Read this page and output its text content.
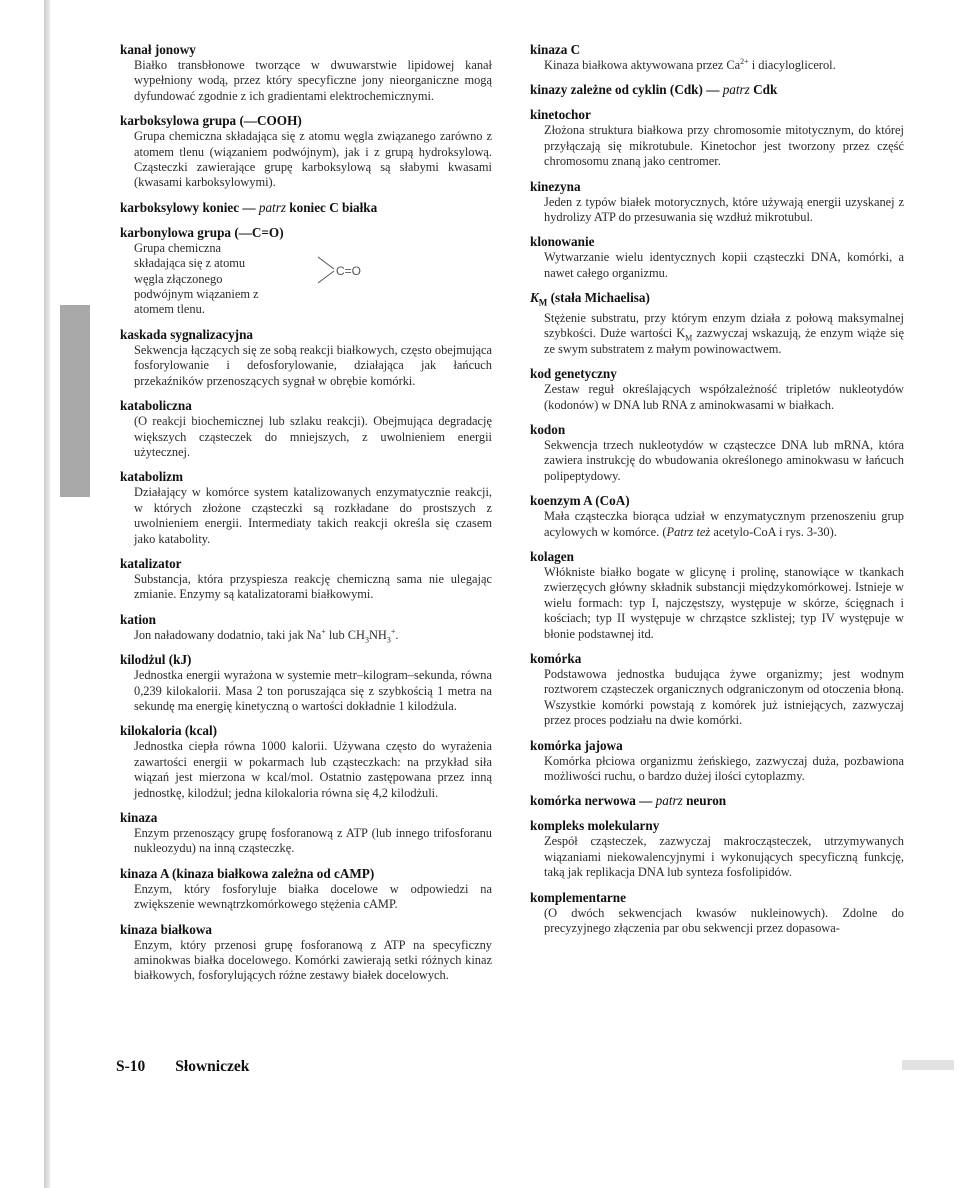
kanał jonowy
Białko transbłonowe tworzące w dwuwarstwie lipidowej kanał wypełniony wodą, przez który specyficzne jony nieorganiczne mogą dyfundować zgodnie z ich gradientami elektrochemicznymi.
karboksylowa grupa (—COOH)
Grupa chemiczna składająca się z atomu węgla związanego zarówno z atomem tlenu (wiązaniem podwójnym), jak i z grupą hydroksylową. Cząsteczki zawierające grupę karboksylową są słabymi kwasami (kwasami karboksylowymi).
karboksylowy koniec — patrz koniec C białka
karbonylowa grupa (—C=O)
Grupa chemiczna składająca się z atomu węgla złączonego podwójnym wiązaniem z atomem tlenu.
C=O
kaskada sygnalizacyjna
Sekwencja łączących się ze sobą reakcji białkowych, często obejmująca fosforylowanie i defosforylowanie, działająca jak łańcuch przekaźników przenoszących sygnał w obrębie komórki.
kataboliczna
(O reakcji biochemicznej lub szlaku reakcji). Obejmująca degradację większych cząsteczek do mniejszych, z uwolnieniem energii użytecznej.
katabolizm
Działający w komórce system katalizowanych enzymatycznie reakcji, w których złożone cząsteczki są rozkładane do prostszych z uwolnieniem energii. Intermediaty takich reakcji określa się czasem jako katabolity.
katalizator
Substancja, która przyspiesza reakcję chemiczną sama nie ulegając zmianie. Enzymy są katalizatorami białkowymi.
kation
Jon naładowany dodatnio, taki jak Na+ lub $CH_3NH_3^+$.
kilodżul (kJ)
Jednostka energii wyrażona w systemie metr–kilogram–sekunda, równa 0,239 kilokalorii. Masa 2 ton poruszająca się z szybkością 1 metra na sekundę ma energię kinetyczną o wartości dokładnie 1 kilodżula.
kilokaloria (kcal)
Jednostka ciepła równa 1000 kalorii. Używana często do wyrażenia zawartości energii w pokarmach lub cząsteczkach: na przykład siła wiązań jest mierzona w kcal/mol. Ostatnio zastępowana przez inną jednostkę, kilodżul; jedna kilokaloria równa się 4,2 kilodżuli.
kinaza
Enzym przenoszący grupę fosforanową z ATP (lub innego trifosforanu nukleozydu) na inną cząsteczkę.
kinaza A (kinaza białkowa zależna od cAMP)
Enzym, który fosforyluje białka docelowe w odpowiedzi na zwiększenie wewnątrzkomórkowego stężenia cAMP.
kinaza białkowa
Enzym, który przenosi grupę fosforanową z ATP na specyficzny aminokwas białka docelowego. Komórki zawierają setki różnych kinaz białkowych, fosforylujących różne zestawy białek docelowych.
kinaza C
Kinaza białkowa aktywowana przez $Ca^{2+}$ i diacyloglicerol.
kinazy zależne od cyklin (Cdk) — patrz Cdk
kinetochor
Złożona struktura białkowa przy chromosomie mitotycznym, do której przyłączają się mikrotubule. Kinetochor jest tworzony przez część chromosomu znaną jako centromer.
kinezyna
Jeden z typów białek motorycznych, które używają energii uzyskanej z hydrolizy ATP do przesuwania się wzdłuż mikrotubul.
klonowanie
Wytwarzanie wielu identycznych kopii cząsteczki DNA, komórki, a nawet całego organizmu.
$K_M$ (stała Michaelisa)
Stężenie substratu, przy którym enzym działa z połową maksymalnej szybkości. Duże wartości $K_M$ zazwyczaj wskazują, że enzym wiąże się ze swym substratem z małym powinowactwem.
kod genetyczny
Zestaw reguł określających współzależność tripletów nukleotydów (kodonów) w DNA lub RNA z aminokwasami w białkach.
kodon
Sekwencja trzech nukleotydów w cząsteczce DNA lub mRNA, która zawiera instrukcję do wbudowania określonego aminokwasu w łańcuch polipeptydowy.
koenzym A (CoA)
Mała cząsteczka biorąca udział w enzymatycznym przenoszeniu grup acylowych w komórce. (Patrz też acetylo-CoA i rys. 3-30).
kolagen
Włókniste białko bogate w glicynę i prolinę, stanowiące w tkankach zwierzęcych główny składnik substancji międzykomórkowej. Istnieje w wielu formach: typ I, najczęstszy, występuje w skórze, ścięgnach i kościach; typ II występuje w chrząstce szklistej; typ IV występuje w błonie podstawnej itd.
komórka
Podstawowa jednostka budująca żywe organizmy; jest wodnym roztworem cząsteczek organicznych odgraniczonym od otoczenia błoną. Wszystkie komórki powstają z komórek już istniejących, zazwyczaj przez proces podziału na dwie komórki.
komórka jajowa
Komórka płciowa organizmu żeńskiego, zazwyczaj duża, pozbawiona możliwości ruchu, o bardzo dużej ilości cytoplazmy.
komórka nerwowa — patrz neuron
kompleks molekularny
Zespół cząsteczek, zazwyczaj makrocząsteczek, utrzymywanych wiązaniami niekowalencyjnymi i wykonujących specyficzną funkcję, taką jak replikacja DNA lub synteza fosfolipidów.
komplementarne
(O dwóch sekwencjach kwasów nukleinowych). Zdolne do precyzyjnego złączenia par obu sekwencji przez dopasowa-
S-10 Słowniczek
